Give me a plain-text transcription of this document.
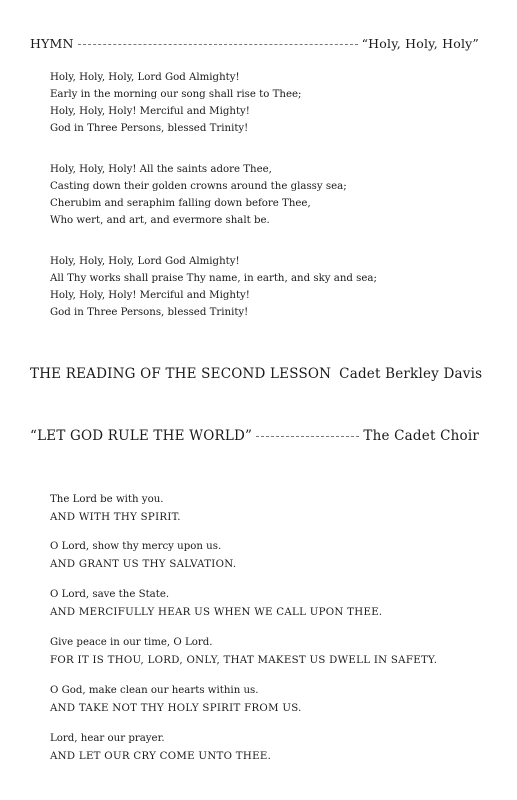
HYMN	“Holy, Holy, Holy”
Holy, Holy, Holy, Lord God Almighty!
Early in the morning our song shall rise to Thee;
Holy, Holy, Holy! Merciful and Mighty!
God in Three Persons, blessed Trinity!
Holy, Holy, Holy! All the saints adore Thee,
Casting down their golden crowns around the glassy sea;
Cherubim and seraphim falling down before Thee,
Who wert, and art, and evermore shalt be.
Holy, Holy, Holy, Lord God Almighty!
All Thy works shall praise Thy name, in earth, and sky and sea;
Holy, Holy, Holy! Merciful and Mighty!
God in Three Persons, blessed Trinity!
THE READING OF THE SECOND LESSON Cadet Berkley Davis
“LET GOD RULE THE WORLD”	The Cadet Choir
The Lord be with you.
AND WITH THY SPIRIT.
O Lord, show thy mercy upon us.
AND GRANT US THY SALVATION.
O Lord, save the State.
AND MERCIFULLY HEAR US WHEN WE CALL UPON THEE.
Give peace in our time, O Lord.
FOR IT IS THOU, LORD, ONLY, THAT MAKEST US DWELL IN SAFETY.
O God, make clean our hearts within us.
AND TAKE NOT THY HOLY SPIRIT FROM US.
Lord, hear our prayer.
AND LET OUR CRY COME UNTO THEE.
